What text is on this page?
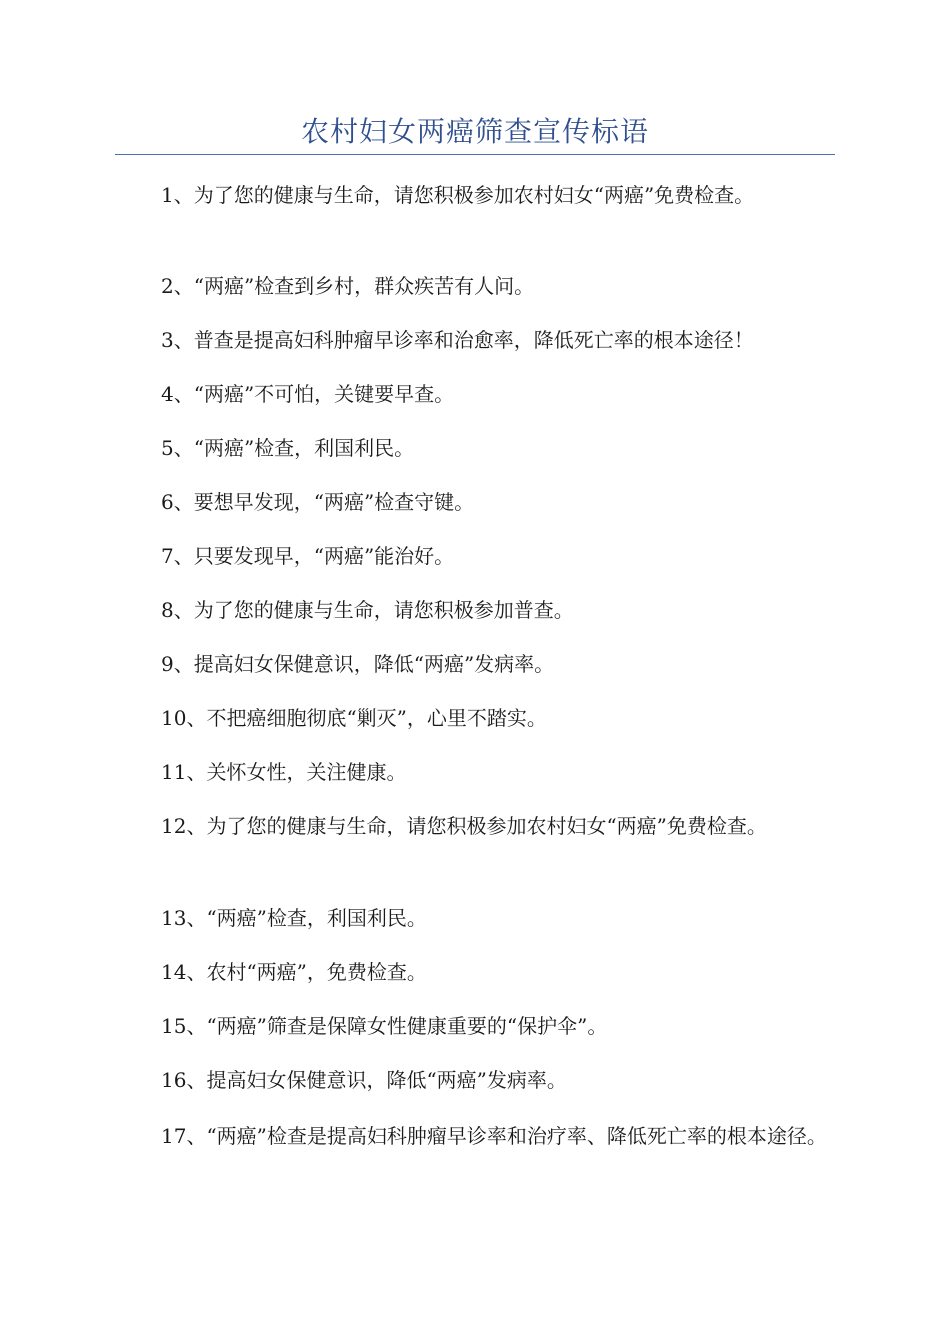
农村妇女两癌筛查宣传标语

1、为了您的健康与生命，请您积极参加农村妇女“两癌”免费检查。

2、“两癌”检查到乡村，群众疾苦有人问。

3、普查是提高妇科肿瘤早诊率和治愈率，降低死亡率的根本途径！

4、“两癌”不可怕，关键要早查。

5、“两癌”检查，利国利民。

6、要想早发现，“两癌”检查守键。

7、只要发现早，“两癌”能治好。

8、为了您的健康与生命，请您积极参加普查。

9、提高妇女保健意识，降低“两癌”发病率。

10、不把癌细胞彻底“剿灭”，心里不踏实。

11、关怀女性，关注健康。

12、为了您的健康与生命，请您积极参加农村妇女“两癌”免费检查。

13、“两癌”检查，利国利民。

14、农村“两癌”，免费检查。

15、“两癌”筛查是保障女性健康重要的“保护伞”。

16、提高妇女保健意识，降低“两癌”发病率。

17、“两癌”检查是提高妇科肿瘤早诊率和治疗率、降低死亡率的根本途径。
